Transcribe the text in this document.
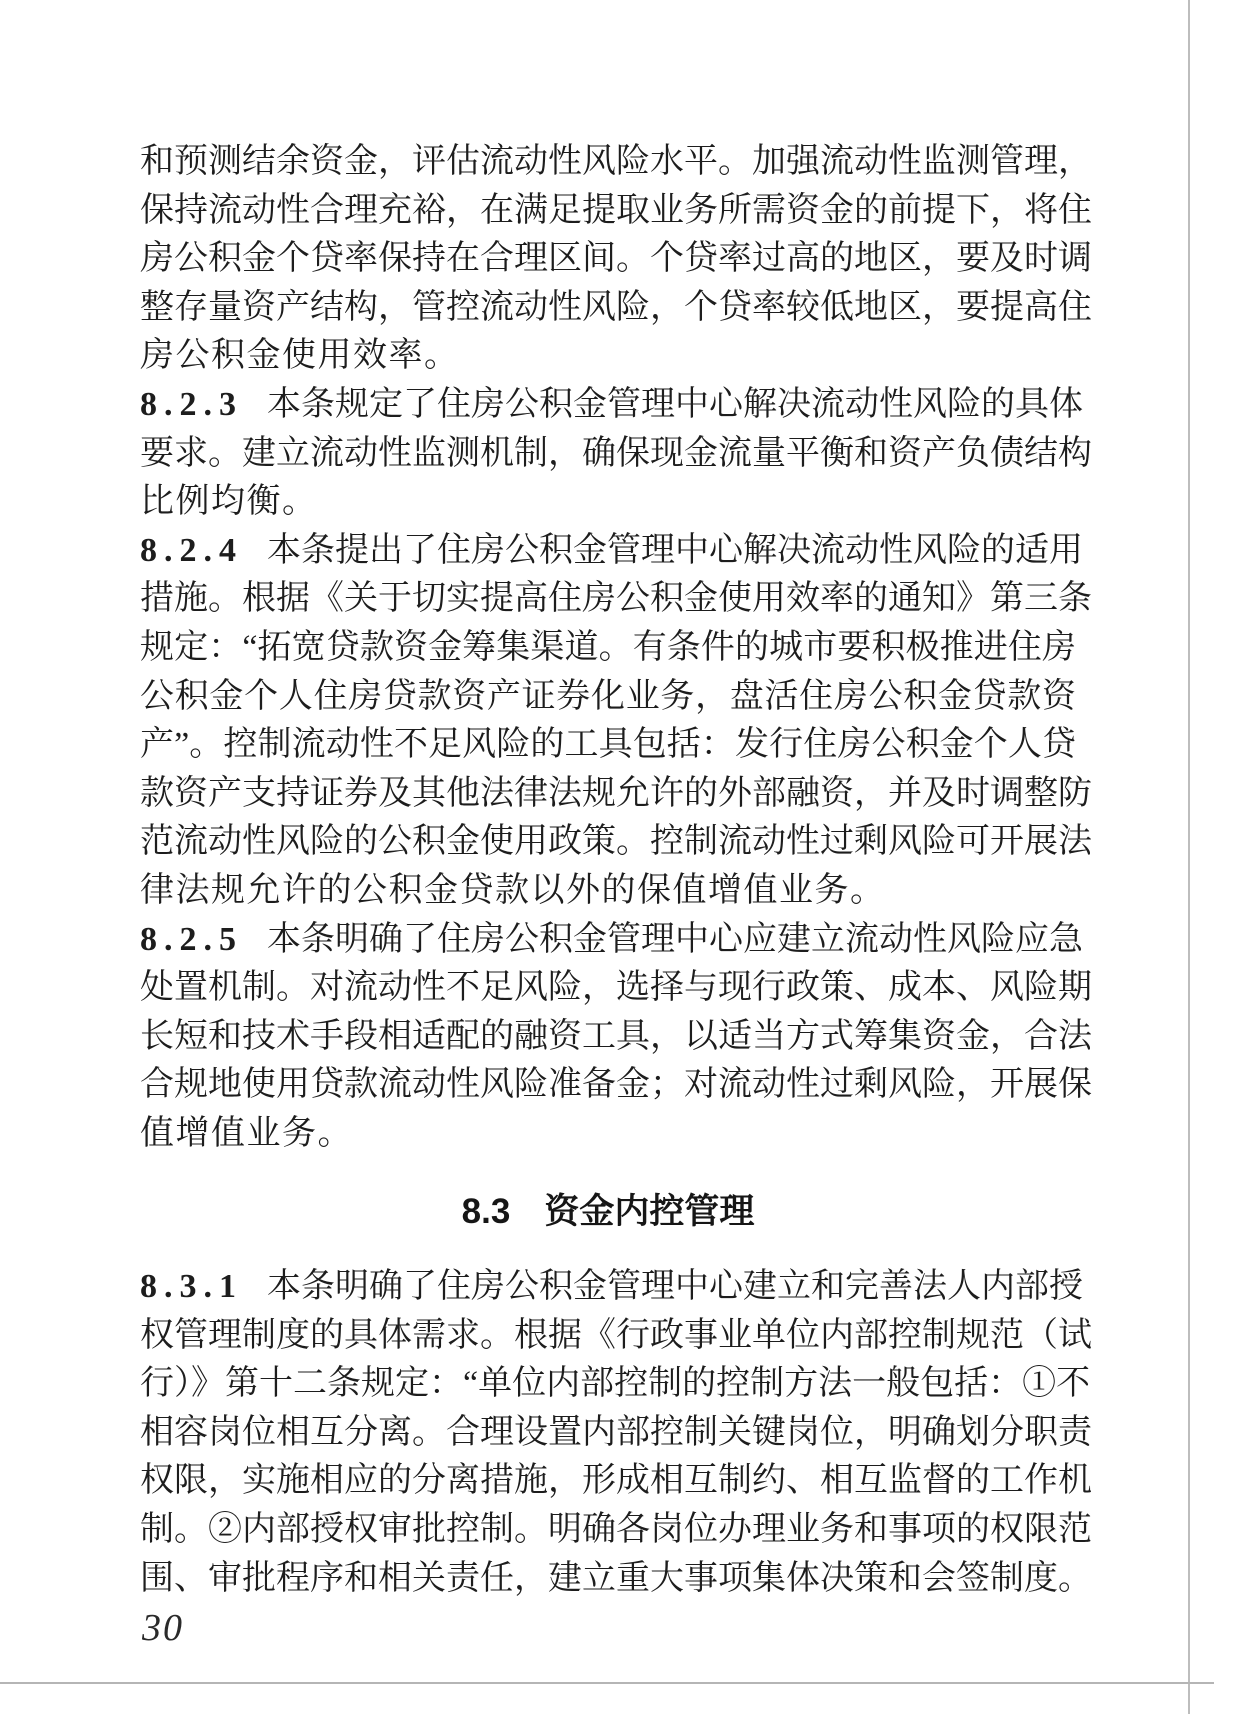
和预测结余资金，评估流动性风险水平。加强流动性监测管理，
保持流动性合理充裕，在满足提取业务所需资金的前提下，将住
房公积金个贷率保持在合理区间。个贷率过高的地区，要及时调
整存量资产结构，管控流动性风险，个贷率较低地区，要提高住
房公积金使用效率。
8.2.3 本条规定了住房公积金管理中心解决流动性风险的具体
要求。建立流动性监测机制，确保现金流量平衡和资产负债结构
比例均衡。
8.2.4 本条提出了住房公积金管理中心解决流动性风险的适用
措施。根据《关于切实提高住房公积金使用效率的通知》第三条
规定：“拓宽贷款资金筹集渠道。有条件的城市要积极推进住房
公积金个人住房贷款资产证券化业务，盘活住房公积金贷款资
产”。控制流动性不足风险的工具包括：发行住房公积金个人贷
款资产支持证券及其他法律法规允许的外部融资，并及时调整防
范流动性风险的公积金使用政策。控制流动性过剩风险可开展法
律法规允许的公积金贷款以外的保值增值业务。
8.2.5 本条明确了住房公积金管理中心应建立流动性风险应急
处置机制。对流动性不足风险，选择与现行政策、成本、风险期
长短和技术手段相适配的融资工具，以适当方式筹集资金，合法
合规地使用贷款流动性风险准备金；对流动性过剩风险，开展保
值增值业务。
8.3 资金内控管理
8.3.1 本条明确了住房公积金管理中心建立和完善法人内部授
权管理制度的具体需求。根据《行政事业单位内部控制规范（试
行）》第十二条规定：“单位内部控制的控制方法一般包括：①不
相容岗位相互分离。合理设置内部控制关键岗位，明确划分职责
权限，实施相应的分离措施，形成相互制约、相互监督的工作机
制。②内部授权审批控制。明确各岗位办理业务和事项的权限范
围、审批程序和相关责任，建立重大事项集体决策和会签制度。
30
